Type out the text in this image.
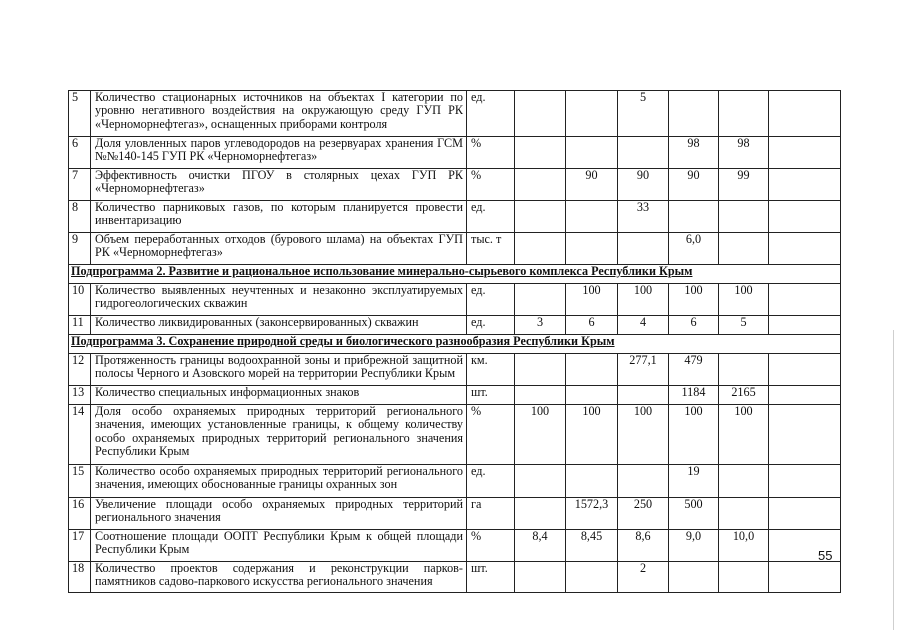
5	Количество стационарных источников на объектах I категории по уровню негативного воздействия на окружающую среду ГУП РК «Черноморнефтегаз», оснащенных приборами контроля	ед.			5				
6	Доля уловленных паров углеводородов на резервуарах хранения ГСМ №№140-145 ГУП РК «Черноморнефтегаз»	%				98	98		
7	Эффективность очистки ПГОУ в столярных цехах ГУП РК «Черноморнефтегаз»	%		90	90	90	99		
8	Количество парниковых газов, по которым планируется провести инвентаризацию	ед.			33				
9	Объем переработанных отходов (бурового шлама) на объектах ГУП РК «Черноморнефтегаз»	тыс. т				6,0			
Подпрограмма 2. Развитие и рациональное использование минерально-сырьевого комплекса Республики Крым									
10	Количество выявленных неучтенных и незаконно эксплуатируемых гидрогеологических скважин	ед.		100	100	100	100		
11	Количество ликвидированных (законсервированных) скважин	ед.	3	6	4	6	5		
Подпрограмма 3. Сохранение природной среды и биологического разнообразия Республики Крым									
12	Протяженность границы водоохранной зоны и прибрежной защитной полосы Черного и Азовского морей на территории Республики Крым	км.			277,1	479			
13	Количество специальных информационных знаков	шт.				1184	2165		
14	Доля особо охраняемых природных территорий регионального значения, имеющих установленные границы, к общему количеству особо охраняемых природных территорий регионального значения Республики Крым	%	100	100	100	100	100		
15	Количество особо охраняемых природных территорий регионального значения, имеющих обоснованные границы охранных зон	ед.				19			
16	Увеличение площади особо охраняемых природных территорий регионального значения	га		1572,3	250	500			
17	Соотношение площади ООПТ Республики Крым к общей площади Республики Крым	%	8,4	8,45	8,6	9,0	10,0		
18	Количество проектов содержания и реконструкции парков-памятников садово-паркового искусства регионального значения	шт.			2				
55
